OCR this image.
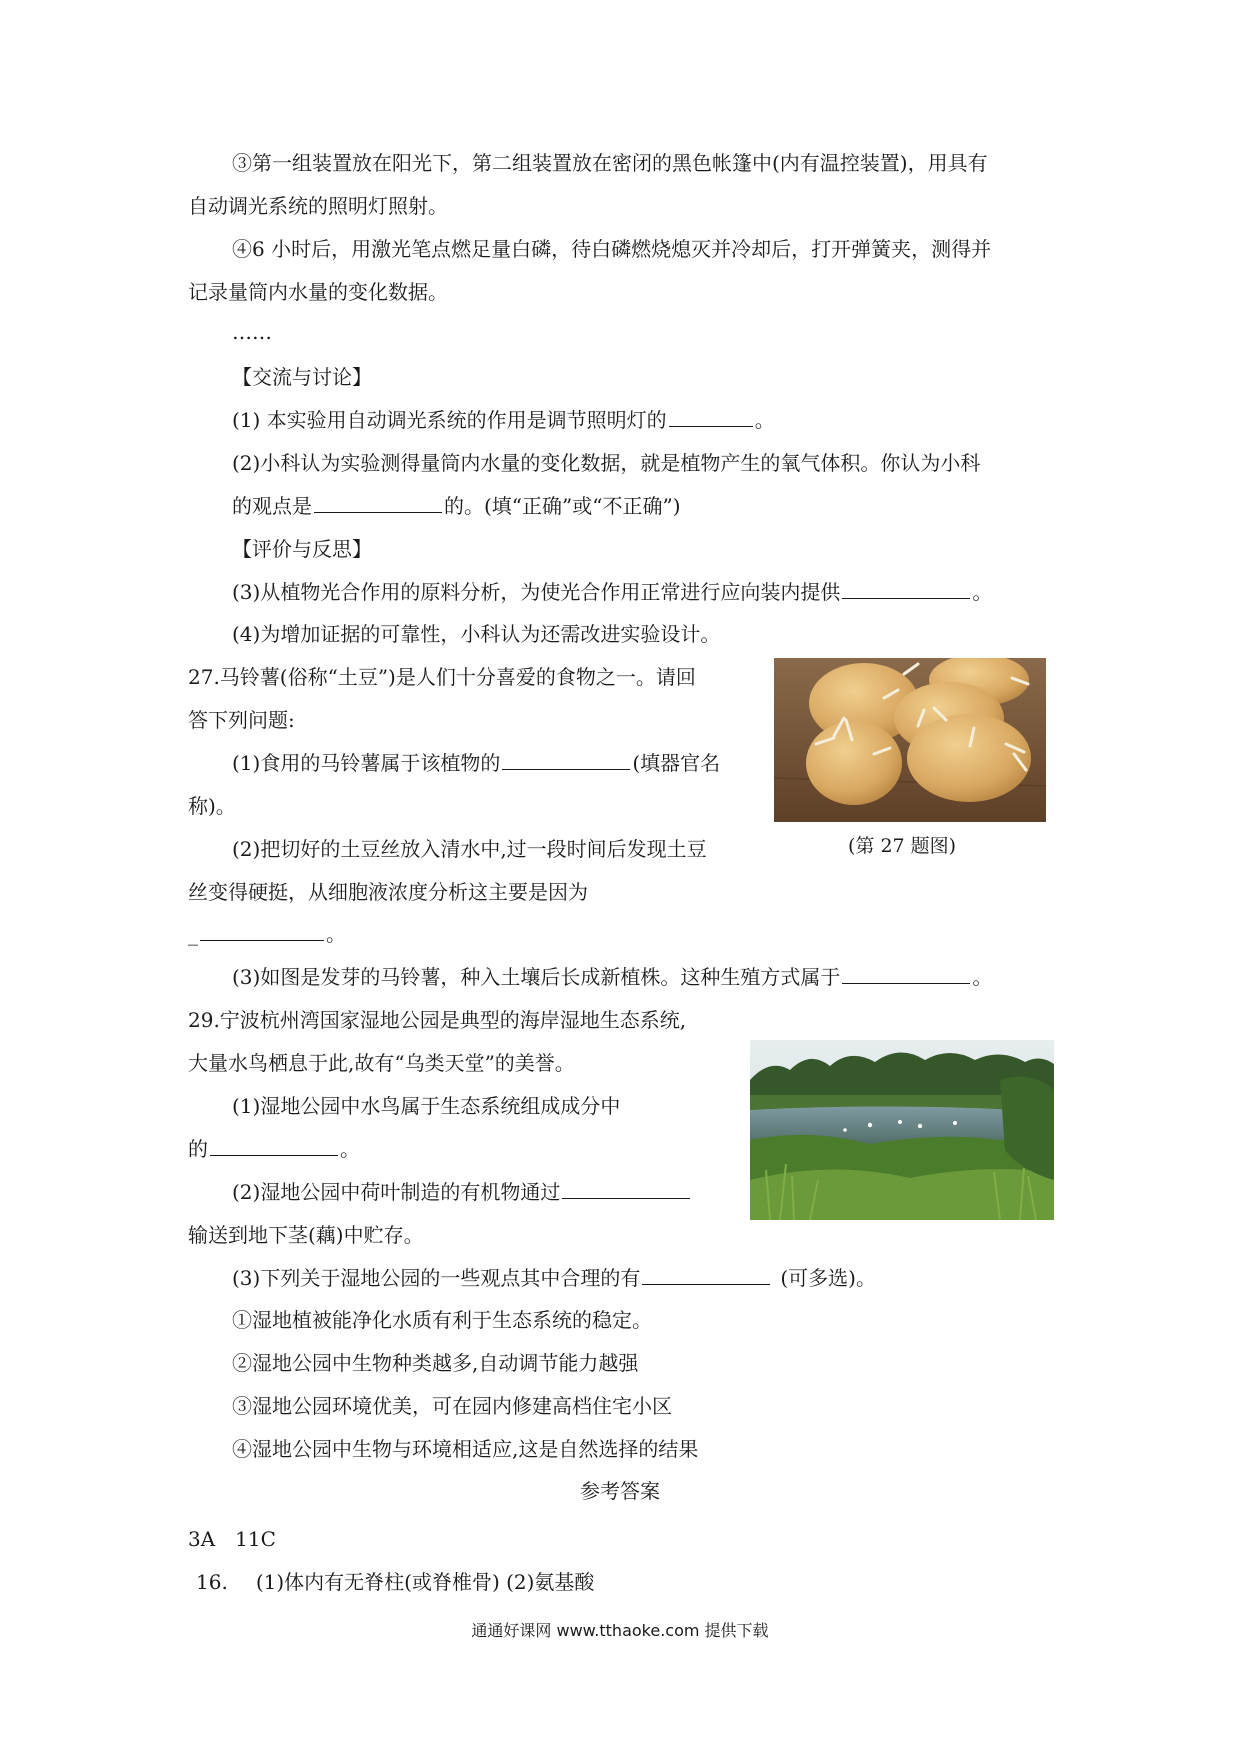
③第一组装置放在阳光下，第二组装置放在密闭的黑色帐篷中(内有温控装置)，用具有
自动调光系统的照明灯照射。
④6 小时后，用激光笔点燃足量白磷，待白磷燃烧熄灭并冷却后，打开弹簧夹，测得并
记录量筒内水量的变化数据。
……
【交流与讨论】
(1) 本实验用自动调光系统的作用是调节照明灯的	。
(2)小科认为实验测得量筒内水量的变化数据，就是植物产生的氧气体积。你认为小科
的观点是	的。(填“正确”或“不正确”)
【评价与反思】
(3)从植物光合作用的原料分析，为使光合作用正常进行应向装内提供	。
(4)为增加证据的可靠性，小科认为还需改进实验设计。
27.马铃薯(俗称“土豆”)是人们十分喜爱的食物之一。请回
答下列问题:
(1)食用的马铃薯属于该植物的	(填器官名
称)。
(2)把切好的土豆丝放入清水中,过一段时间后发现土豆
丝变得硬挺，从细胞液浓度分析这主要是因为
_	。
(3)如图是发芽的马铃薯，种入土壤后长成新植株。这种生殖方式属于	。
(第 27 题图)
29.宁波杭州湾国家湿地公园是典型的海岸湿地生态系统,
大量水鸟栖息于此,故有“乌类天堂”的美誉。
(1)湿地公园中水鸟属于生态系统组成成分中
的	。
(2)湿地公园中荷叶制造的有机物通过
输送到地下茎(藕)中贮存。
(3)下列关于湿地公园的一些观点其中合理的有	(可多选)。
①湿地植被能净化水质有利于生态系统的稳定。
②湿地公园中生物种类越多,自动调节能力越强
③湿地公园环境优美，可在园内修建高档住宅小区
④湿地公园中生物与环境相适应,这是自然选择的结果
参考答案
3A　11C
16. (1)体内有无脊柱(或脊椎骨) (2)氨基酸
通通好课网 www.tthaoke.com 提供下载
